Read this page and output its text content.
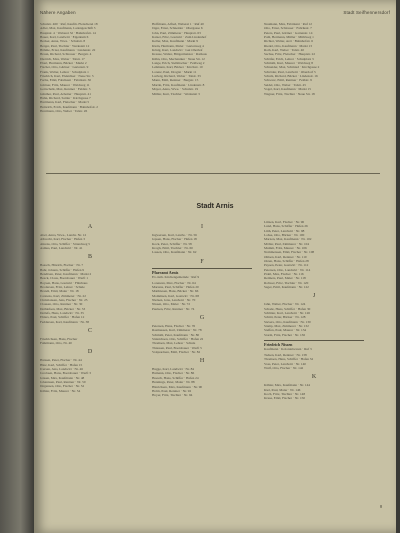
Nähere Angaben	Stadt Seifhennersdorf

Schulstr. 460 · Ruf, Kaufm. Fleischerei 18

Adler, Max, Kaufmann, Ladengeschäft 3

Hauptstr. 4 · Weberei 32 · Bahnhofstr. 14

Bauer, Karl, Landwirt · Eigentum 6

Becker, Anna, Wwe. · Schulstr. 8

Berger, Paul, Tischler · Werkstatt 12

Böhme, Ernst, Kaufmann · Lindenstr. 22

Braun, Richard, Schlosser · Bergstr. 4

Dietrich, Max, Weber · Talstr. 17

Ebert, Hermann, Bäcker · Markt 2

Fischer, Otto, Gärtner · Gartenstr. 9

Frank, Walter, Lehrer · Schulplatz 1

Friedrich, Kurt, Elektriker · Neue Str. 5

Fuchs, Emil, Fabrikant · Fabrikstr. 30

Gärtner, Fritz, Maurer · Waldweg 11

Gottschalk, Max, Rentner · Feldstr. 3

Günther, Paul, Arbeiter · Hauptstr. 41

Hahn, Richard, Sattler · Kirchgasse 7

Hartmann, Karl, Fleischer · Markt 5

Heinrich, Erich, Kaufmann · Bahnhofstr. 2

Herrmann, Otto, Weber · Talstr. 26

Hoffmann, Alfred, Weberei 1 · Ruf 40

Jäger, Ernst, Schneider · Obergasse 6

John, Paul, Zimmerer · Hauptstr. 63

Kaiser, Fritz, Gastwirt · Zum Lindenhof

Keller, Max, Kaufmann · Markt 9

Klein, Hermann, Maler · Gartenweg 4

König, Kurt, Landwirt · Gut Oberhof

Krause, Walter, Bürgermeister · Rathaus

Kühn, Otto, Mechaniker · Neue Str. 12

Lange, Erich, Stellmacher · Feldweg 2

Lehmann, Karl, Bäcker · Kirchstr. 10

Lorenz, Paul, Drogist · Markt 11

Ludwig, Richard, Weber · Talstr. 33

Mann, Emil, Rentner · Bergstr. 15

Martin, Fritz, Kaufmann · Lindenstr. 8

Mayer, Anna, Wwe. · Schulstr. 19

Müller, Kurt, Tischler · Werkstatt 3

Neumann, Max, Fabrikant · Ruf 12

Otto, Ernst, Schlosser · Fabrikstr. 7

Peters, Paul, Gärtner · Gartenstr. 14

Pohl, Hermann, Müller · Mühlweg 1

Richter, Walter, Arzt · Bahnhofstr. 6

Riedel, Otto, Kaufmann · Markt 13

Roth, Karl, Weber · Talstr. 40

Sachse, Fritz, Fleischer · Hauptstr. 22

Schäfer, Erich, Lehrer · Schulplatz 3

Schmidt, Kurt, Maurer · Waldweg 8

Schneider, Max, Schmied · Kirchgasse 2

Schröder, Paul, Landwirt · Oberdorf 5

Schulz, Richard, Bäcker · Lindenstr. 16

Schwarz, Emil, Rentner · Feldstr. 9

Seidel, Otto, Weber · Talstr. 45

Vogel, Karl, Kaufmann · Markt 15

Wagner, Fritz, Tischler · Neue Str. 18

Stadt Arnis
A

Abel, Anna, Wwe., Landw. Nr. 12

Albrecht, Karl, Fischer · Hafen 3

Ahrens, Otto, Schiffer · Strandweg 5

Asmus, Paul, Landwirt · Nr. 41

B

Baasch, Hinrich, Fischer · Nr. 7

Bahr, Johann, Schiffer · Hafen 9

Bendixen, Peter, Kaufmann · Markt 2

Beeck, Claus, Bootsbauer · Werft 1

Boysen, Hans, Gastwirt · Fährhaus

Brodersen, Fritz, Lehrer · Schule

Brandt, Emil, Maler · Nr. 18

Carstens, Karl, Zimmerer · Nr. 22

Christiansen, Jens, Fischer · Nr. 25

Clausen, Otto, Rentner · Nr. 30

Dethlefsen, Max, Bäcker · Nr. 33

Detlefs, Hans, Landwirt · Nr. 35

Ehlers, Paul, Schiffer · Hafen 12

Feddersen, Karl, Kaufmann · Nr. 38

C

Friedrichsen, Hans, Fischer

Fuhrmann, Otto, Nr. 40

D

Hansen, Peter, Fischer · Nr. 44

Hinz, Karl, Schiffer · Hafen 15

Iversen, Jens, Landwirt · Nr. 46

Jacobsen, Hans, Bootsbauer · Werft 3

Jensen, Max, Kaufmann · Nr. 48

Johannsen, Paul, Rentner · Nr. 50

Jürgensen, Otto, Fischer · Nr. 52

Kähler, Fritz, Maurer · Nr. 54

I

Ingwersen, Karl, Landw. · Nr. 56

Jepsen, Hans, Fischer · Hafen 18

Kock, Peter, Schiffer · Nr. 58

Krogh, Emil, Tischler · Nr. 60

Lassen, Otto, Kaufmann · Nr. 62

F
Pfarramt Arnis
Ev.-luth. Kirchengemeinde · Ruf 9

Lorenzen, Max, Fischer · Nr. 64

Martens, Paul, Schiffer · Hafen 20

Matthiesen, Hans, Bäcker · Nr. 66

Mommsen, Karl, Gastwirt · Nr. 68

Nielsen, Jens, Landwirt · Nr. 70

Nissen, Otto, Maler · Nr. 72

Paulsen, Fritz, Rentner · Nr. 74

G

Petersen, Hans, Fischer · Nr. 76

Rasmussen, Karl, Zimmerer · Nr. 78

Schmidt, Peter, Kaufmann · Nr. 80

Sönnichsen, Otto, Schiffer · Hafen 22

Thomsen, Max, Lehrer · Schule

Thiessen, Paul, Bootsbauer · Werft 5

Volquardsen, Emil, Fischer · Nr. 82

H

Hagge, Karl, Landwirt · Nr. 84

Hamann, Otto, Fischer · Nr. 86

Heesch, Hans, Schiffer · Hafen 24

Hennings, Peter, Maler · Nr. 88

Hinrichsen, Max, Kaufmann · Nr. 90

Holm, Paul, Rentner · Nr. 92

Hoyer, Fritz, Tischler · Nr. 94

Lützen, Karl, Fischer · Nr. 96

Lund, Hans, Schiffer · Hafen 26

Lüth, Peter, Landwirt · Nr. 98

Lohse, Otto, Bäcker · Nr. 100

Marxen, Max, Kaufmann · Nr. 102

Möller, Paul, Zimmerer · Nr. 104

Mumm, Fritz, Maurer · Nr. 106

Nommensen, Emil, Fischer · Nr. 108

Ohlsen, Karl, Rentner · Nr. 110

Otzen, Hans, Schiffer · Hafen 28

Paysen, Peter, Gastwirt · Nr. 112

Petersen, Otto, Landwirt · Nr. 114

Prahl, Max, Fischer · Nr. 116

Reimers, Paul, Maler · Nr. 118

Rohwer, Fritz, Tischler · Nr. 120

Sager, Emil, Kaufmann · Nr. 122

J

Jahn, Walter, Fischer · Nr. 124

Schade, Hans, Schiffer · Hafen 30

Schlüter, Karl, Landwirt · Nr. 126

Schütt, Peter, Bäcker · Nr. 128

Sievers, Otto, Kaufmann · Nr. 130

Stamp, Max, Zimmerer · Nr. 132

Steffen, Paul, Maurer · Nr. 134

Storm, Fritz, Fischer · Nr. 136

Friedrich Nissen
Kaufmann · Kolonialwaren · Ruf 3

Tadsen, Karl, Rentner · Nr. 138

Thomsen, Hans, Schiffer · Hafen 32

Voss, Peter, Landwirt · Nr. 140

Wulf, Otto, Fischer · Nr. 142

K

Kähler, Max, Kaufmann · Nr. 144

Kiel, Paul, Maler · Nr. 146

Koch, Fritz, Tischler · Nr. 148

Kruse, Emil, Fischer · Nr. 150

8
